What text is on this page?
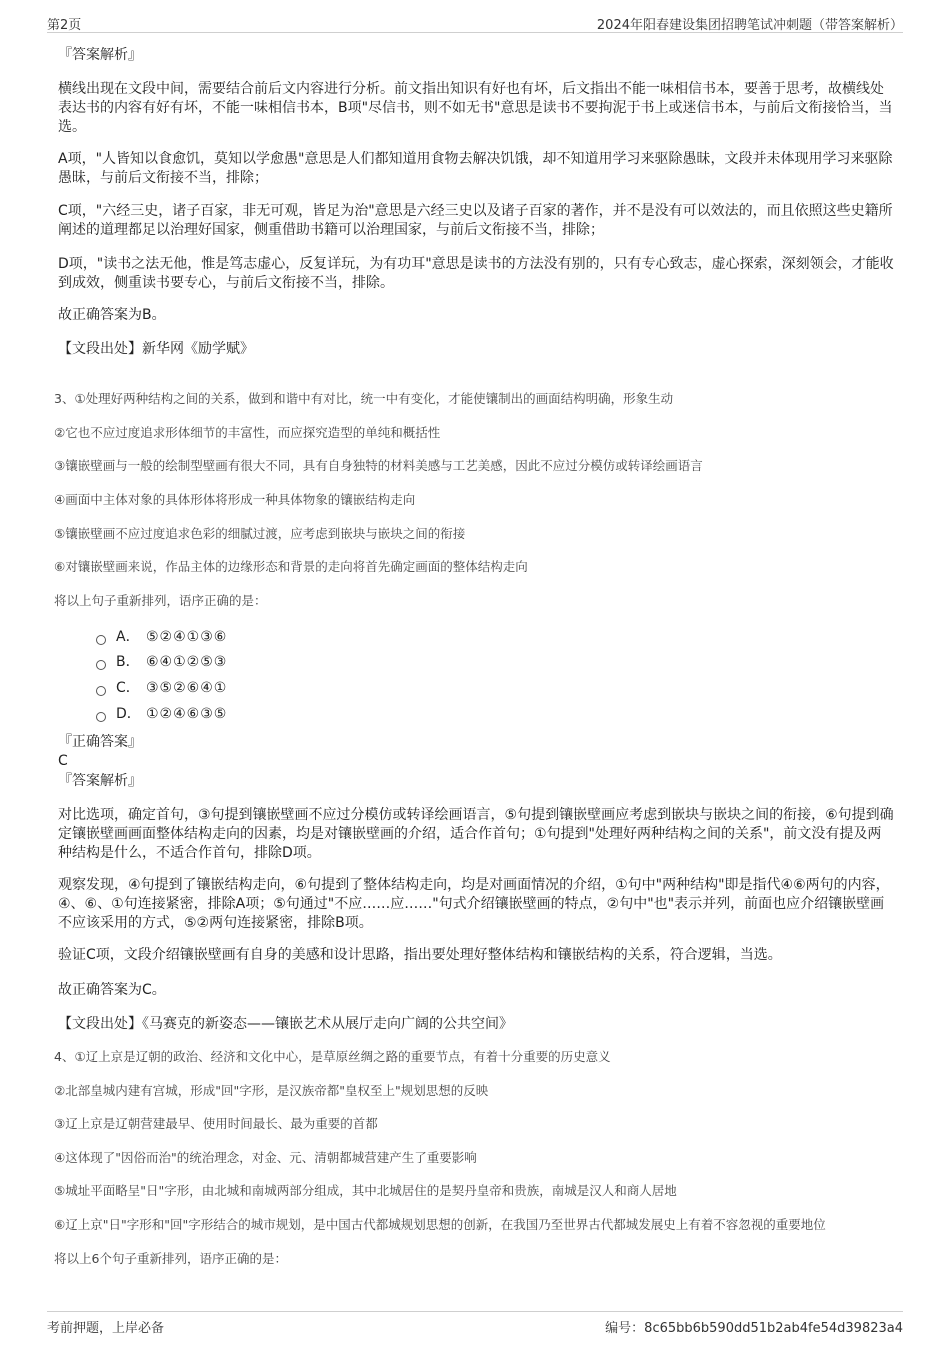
第2页	2024年阳春建设集团招聘笔试冲刺题（带答案解析）
『答案解析』
横线出现在文段中间，需要结合前后文内容进行分析。前文指出知识有好也有坏，后文指出不能一味相信书本，要善于思考，故横线处表达书的内容有好有坏，不能一味相信书本，B项"尽信书，则不如无书"意思是读书不要拘泥于书上或迷信书本，与前后文衔接恰当，当选。
A项，"人皆知以食愈饥，莫知以学愈愚"意思是人们都知道用食物去解决饥饿，却不知道用学习来驱除愚昧，文段并未体现用学习来驱除愚昧，与前后文衔接不当，排除；
C项，"六经三史，诸子百家，非无可观，皆足为治"意思是六经三史以及诸子百家的著作，并不是没有可以效法的，而且依照这些史籍所阐述的道理都足以治理好国家，侧重借助书籍可以治理国家，与前后文衔接不当，排除；
D项，"读书之法无他，惟是笃志虚心，反复详玩，为有功耳"意思是读书的方法没有别的，只有专心致志，虚心探索，深刻领会，才能收到成效，侧重读书要专心，与前后文衔接不当，排除。
故正确答案为B。
【文段出处】新华网《励学赋》
3、①处理好两种结构之间的关系，做到和谐中有对比，统一中有变化，才能使镶制出的画面结构明确，形象生动
②它也不应过度追求形体细节的丰富性，而应探究造型的单纯和概括性
③镶嵌壁画与一般的绘制型壁画有很大不同，具有自身独特的材料美感与工艺美感，因此不应过分模仿或转译绘画语言
④画面中主体对象的具体形体将形成一种具体物象的镶嵌结构走向
⑤镶嵌壁画不应过度追求色彩的细腻过渡，应考虑到嵌块与嵌块之间的衔接
⑥对镶嵌壁画来说，作品主体的边缘形态和背景的走向将首先确定画面的整体结构走向
将以上句子重新排列，语序正确的是：
A． ⑤②④①③⑥
B． ⑥④①②⑤③
C． ③⑤②⑥④①
D． ①②④⑥③⑤
『正确答案』
C
『答案解析』
对比选项，确定首句，③句提到镶嵌壁画不应过分模仿或转译绘画语言，⑤句提到镶嵌壁画应考虑到嵌块与嵌块之间的衔接，⑥句提到确定镶嵌壁画画面整体结构走向的因素，均是对镶嵌壁画的介绍，适合作首句；①句提到"处理好两种结构之间的关系"，前文没有提及两种结构是什么，不适合作首句，排除D项。
观察发现，④句提到了镶嵌结构走向，⑥句提到了整体结构走向，均是对画面情况的介绍，①句中"两种结构"即是指代④⑥两句的内容，④、⑥、①句连接紧密，排除A项；⑤句通过"不应……应……"句式介绍镶嵌壁画的特点，②句中"也"表示并列，前面也应介绍镶嵌壁画不应该采用的方式，⑤②两句连接紧密，排除B项。
验证C项，文段介绍镶嵌壁画有自身的美感和设计思路，指出要处理好整体结构和镶嵌结构的关系，符合逻辑，当选。
故正确答案为C。
【文段出处】《马赛克的新姿态——镶嵌艺术从展厅走向广阔的公共空间》
4、①辽上京是辽朝的政治、经济和文化中心，是草原丝绸之路的重要节点，有着十分重要的历史意义
②北部皇城内建有宫城，形成"回"字形，是汉族帝都"皇权至上"规划思想的反映
③辽上京是辽朝营建最早、使用时间最长、最为重要的首都
④这体现了"因俗而治"的统治理念，对金、元、清朝都城营建产生了重要影响
⑤城址平面略呈"日"字形，由北城和南城两部分组成，其中北城居住的是契丹皇帝和贵族，南城是汉人和商人居地
⑥辽上京"日"字形和"回"字形结合的城市规划，是中国古代都城规划思想的创新，在我国乃至世界古代都城发展史上有着不容忽视的重要地位
将以上6个句子重新排列，语序正确的是：
考前押题，上岸必备	编号：8c65bb6b590dd51b2ab4fe54d39823a4
